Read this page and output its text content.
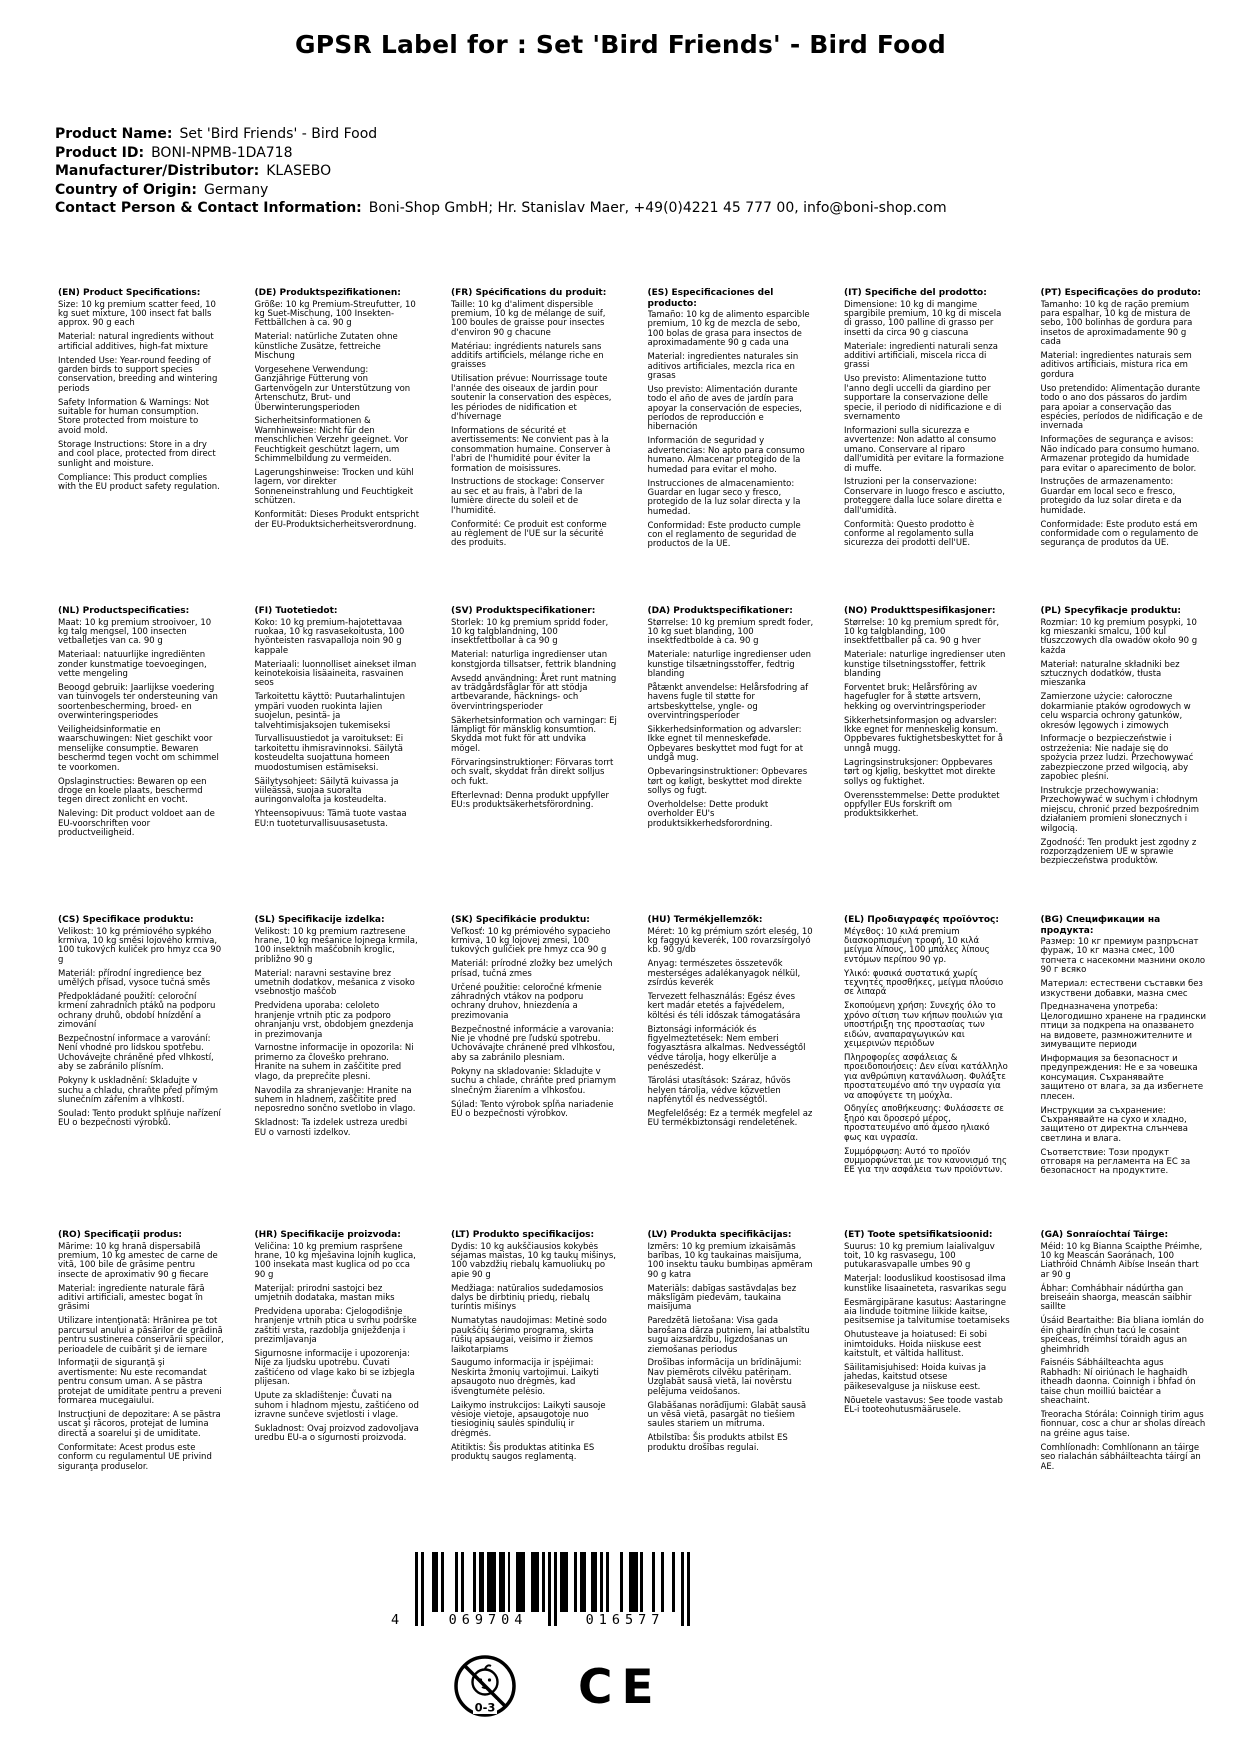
GPSR Label for : Set 'Bird Friends' - Bird Food
Product Name: Set 'Bird Friends' - Bird Food
Product ID: BONI-NPMB-1DA718
Manufacturer/Distributor: KLASEBO
Country of Origin: Germany
Contact Person & Contact Information: Boni-Shop GmbH; Hr. Stanislav Maer, +49(0)4221 45 777 00, info@boni-shop.com
(EN) Product Specifications:

Size: 10 kg premium scatter feed, 10 kg suet mixture, 100 insect fat balls approx. 90 g each

Material: natural ingredients without artificial additives, high-fat mixture

Intended Use: Year-round feeding of garden birds to support species conservation, breeding and wintering periods

Safety Information & Warnings: Not suitable for human consumption. Store protected from moisture to avoid mold.

Storage Instructions: Store in a dry and cool place, protected from direct sunlight and moisture.

Compliance: This product complies with the EU product safety regulation.

(DE) Produktspezifikationen:

Größe: 10 kg Premium-Streufutter, 10 kg Suet-Mischung, 100 Insekten-Fettbällchen à ca. 90 g

Material: natürliche Zutaten ohne künstliche Zusätze, fettreiche Mischung

Vorgesehene Verwendung: Ganzjährige Fütterung von Gartenvögeln zur Unterstützung von Artenschutz, Brut- und Überwinterungsperioden

Sicherheitsinformationen & Warnhinweise: Nicht für den menschlichen Verzehr geeignet. Vor Feuchtigkeit geschützt lagern, um Schimmelbildung zu vermeiden.

Lagerungshinweise: Trocken und kühl lagern, vor direkter Sonneneinstrahlung und Feuchtigkeit schützen.

Konformität: Dieses Produkt entspricht der EU-Produktsicherheitsverordnung.

(FR) Spécifications du produit:

Taille: 10 kg d'aliment dispersible premium, 10 kg de mélange de suif, 100 boules de graisse pour insectes d'environ 90 g chacune

Matériau: ingrédients naturels sans additifs artificiels, mélange riche en graisses

Utilisation prévue: Nourrissage toute l'année des oiseaux de jardin pour soutenir la conservation des espèces, les périodes de nidification et d'hivernage

Informations de sécurité et avertissements: Ne convient pas à la consommation humaine. Conserver à l'abri de l'humidité pour éviter la formation de moisissures.

Instructions de stockage: Conserver au sec et au frais, à l'abri de la lumière directe du soleil et de l'humidité.

Conformité: Ce produit est conforme au règlement de l'UE sur la sécurité des produits.

(ES) Especificaciones del producto:

Tamaño: 10 kg de alimento esparcible premium, 10 kg de mezcla de sebo, 100 bolas de grasa para insectos de aproximadamente 90 g cada una

Material: ingredientes naturales sin aditivos artificiales, mezcla rica en grasas

Uso previsto: Alimentación durante todo el año de aves de jardín para apoyar la conservación de especies, períodos de reproducción e hibernación

Información de seguridad y advertencias: No apto para consumo humano. Almacenar protegido de la humedad para evitar el moho.

Instrucciones de almacenamiento: Guardar en lugar seco y fresco, protegido de la luz solar directa y la humedad.

Conformidad: Este producto cumple con el reglamento de seguridad de productos de la UE.

(IT) Specifiche del prodotto:

Dimensione: 10 kg di mangime spargibile premium, 10 kg di miscela di grasso, 100 palline di grasso per insetti da circa 90 g ciascuna

Materiale: ingredienti naturali senza additivi artificiali, miscela ricca di grassi

Uso previsto: Alimentazione tutto l'anno degli uccelli da giardino per supportare la conservazione delle specie, il periodo di nidificazione e di svernamento

Informazioni sulla sicurezza e avvertenze: Non adatto al consumo umano. Conservare al riparo dall'umidità per evitare la formazione di muffe.

Istruzioni per la conservazione: Conservare in luogo fresco e asciutto, proteggere dalla luce solare diretta e dall'umidità.

Conformità: Questo prodotto è conforme al regolamento sulla sicurezza dei prodotti dell'UE.

(PT) Especificações do produto:

Tamanho: 10 kg de ração premium para espalhar, 10 kg de mistura de sebo, 100 bolinhas de gordura para insetos de aproximadamente 90 g cada

Material: ingredientes naturais sem aditivos artificiais, mistura rica em gordura

Uso pretendido: Alimentação durante todo o ano dos pássaros do jardim para apoiar a conservação das espécies, períodos de nidificação e de invernada

Informações de segurança e avisos: Não indicado para consumo humano. Armazenar protegido da humidade para evitar o aparecimento de bolor.

Instruções de armazenamento: Guardar em local seco e fresco, protegido da luz solar direta e da humidade.

Conformidade: Este produto está em conformidade com o regulamento de segurança de produtos da UE.

(NL) Productspecificaties:

Maat: 10 kg premium strooivoer, 10 kg talg mengsel, 100 insecten vetballetjes van ca. 90 g

Materiaal: natuurlijke ingrediënten zonder kunstmatige toevoegingen, vette mengeling

Beoogd gebruik: Jaarlijkse voedering van tuinvogels ter ondersteuning van soortenbescherming, broed- en overwinteringsperiodes

Veiligheidsinformatie en waarschuwingen: Niet geschikt voor menselijke consumptie. Bewaren beschermd tegen vocht om schimmel te voorkomen.

Opslaginstructies: Bewaren op een droge en koele plaats, beschermd tegen direct zonlicht en vocht.

Naleving: Dit product voldoet aan de EU-voorschriften voor productveiligheid.

(FI) Tuotetiedot:

Koko: 10 kg premium-hajotettavaa ruokaa, 10 kg rasvasekoitusta, 100 hyönteisten rasvapalloja noin 90 g kappale

Materiaali: luonnolliset ainekset ilman keinotekoisia lisäaineita, rasvainen seos

Tarkoitettu käyttö: Puutarhalintujen ympäri vuoden ruokinta lajien suojelun, pesintä- ja talvehtimisjaksojen tukemiseksi

Turvallisuustiedot ja varoitukset: Ei tarkoitettu ihmisravinnoksi. Säilytä kosteudelta suojattuna homeen muodostumisen estämiseksi.

Säilytysohjeet: Säilytä kuivassa ja viileässä, suojaa suoralta auringonvalolta ja kosteudelta.

Yhteensopivuus: Tämä tuote vastaa EU:n tuoteturvallisuusasetusta.

(SV) Produktspecifikationer:

Storlek: 10 kg premium spridd foder, 10 kg talgblandning, 100 insektfettbollar à ca 90 g

Material: naturliga ingredienser utan konstgjorda tillsatser, fettrik blandning

Avsedd användning: Året runt matning av trädgårdsfåglar för att stödja artbevarande, häcknings- och övervintringsperioder

Säkerhetsinformation och varningar: Ej lämpligt för mänsklig konsumtion. Skydda mot fukt för att undvika mögel.

Förvaringsinstruktioner: Förvaras torrt och svalt, skyddat från direkt solljus och fukt.

Efterlevnad: Denna produkt uppfyller EU:s produktsäkerhetsförordning.

(DA) Produktspecifikationer:

Størrelse: 10 kg premium spredt foder, 10 kg suet blanding, 100 insektfedtbolde à ca. 90 g

Materiale: naturlige ingredienser uden kunstige tilsætningsstoffer, fedtrig blanding

Påtænkt anvendelse: Helårsfodring af havens fugle til støtte for artsbeskyttelse, yngle- og overvintringsperioder

Sikkerhedsinformation og advarsler: Ikke egnet til menneskeføde. Opbevares beskyttet mod fugt for at undgå mug.

Opbevaringsinstruktioner: Opbevares tørt og køligt, beskyttet mod direkte sollys og fugt.

Overholdelse: Dette produkt overholder EU's produktsikkerhedsforordning.

(NO) Produkttspesifikasjoner:

Størrelse: 10 kg premium spredt fôr, 10 kg talgblanding, 100 insektfettballer på ca. 90 g hver

Materiale: naturlige ingredienser uten kunstige tilsetningsstoffer, fettrik blanding

Forventet bruk: Helårsfôring av hagefugler for å støtte artsvern, hekking og overvintringsperioder

Sikkerhetsinformasjon og advarsler: Ikke egnet for menneskelig konsum. Oppbevares fuktighetsbeskyttet for å unngå mugg.

Lagringsinstruksjoner: Oppbevares tørt og kjølig, beskyttet mot direkte sollys og fuktighet.

Overensstemmelse: Dette produktet oppfyller EUs forskrift om produktsikkerhet.

(PL) Specyfikacje produktu:

Rozmiar: 10 kg premium posypki, 10 kg mieszanki smalcu, 100 kul tłuszczowych dla owadów około 90 g każda

Materiał: naturalne składniki bez sztucznych dodatków, tłusta mieszanka

Zamierzone użycie: całoroczne dokarmianie ptaków ogrodowych w celu wsparcia ochrony gatunków, okresów lęgowych i zimowych

Informacje o bezpieczeństwie i ostrzeżenia: Nie nadaje się do spożycia przez ludzi. Przechowywać zabezpieczone przed wilgocią, aby zapobiec pleśni.

Instrukcje przechowywania: Przechowywać w suchym i chłodnym miejscu, chronić przed bezpośrednim działaniem promieni słonecznych i wilgocią.

Zgodność: Ten produkt jest zgodny z rozporządzeniem UE w sprawie bezpieczeństwa produktów.

(CS) Specifikace produktu:

Velikost: 10 kg prémiového sypkého krmiva, 10 kg směsi lojového krmiva, 100 tukových kuliček pro hmyz cca 90 g

Materiál: přírodní ingredience bez umělých přísad, vysoce tučná směs

Předpokládané použití: celoroční krmení zahradních ptáků na podporu ochrany druhů, období hnízdění a zimování

Bezpečnostní informace a varování: Není vhodné pro lidskou spotřebu. Uchovávejte chráněné před vlhkostí, aby se zabránilo plísním.

Pokyny k uskladnění: Skladujte v suchu a chladu, chraňte před přímým slunečním zářením a vlhkostí.

Soulad: Tento produkt splňuje nařízení EU o bezpečnosti výrobků.

(SL) Specifikacije izdelka:

Velikost: 10 kg premium raztresene hrane, 10 kg mešanice lojnega krmila, 100 insektnih maščobnih kroglic, približno 90 g

Material: naravni sestavine brez umetnih dodatkov, mešanica z visoko vsebnostjo maščob

Predvidena uporaba: celoleto hranjenje vrtnih ptic za podporo ohranjanju vrst, obdobjem gnezdenja in prezimovanja

Varnostne informacije in opozorila: Ni primerno za človeško prehrano. Hranite na suhem in zaščitite pred vlago, da preprečite plesni.

Navodila za shranjevanje: Hranite na suhem in hladnem, zaščitite pred neposredno sončno svetlobo in vlago.

Skladnost: Ta izdelek ustreza uredbi EU o varnosti izdelkov.

(SK) Špecifikácie produktu:

Veľkosť: 10 kg prémiového sypacieho krmiva, 10 kg lojovej zmesi, 100 tukových guličiek pre hmyz cca 90 g

Materiál: prírodné zložky bez umelých prísad, tučná zmes

Určené použitie: celoročné kŕmenie záhradných vtákov na podporu ochrany druhov, hniezdenia a prezimovania

Bezpečnostné informácie a varovania: Nie je vhodné pre ľudskú spotrebu. Uchovávajte chránené pred vlhkosťou, aby sa zabránilo plesniam.

Pokyny na skladovanie: Skladujte v suchu a chlade, chráňte pred priamym slnečným žiarením a vlhkosťou.

Súlad: Tento výrobok spĺňa nariadenie EÚ o bezpečnosti výrobkov.

(HU) Termékjellemzők:

Méret: 10 kg prémium szórt eleség, 10 kg faggyú keverék, 100 rovarzsírgolyó kb. 90 g/db

Anyag: természetes összetevők mesterséges adalékanyagok nélkül, zsírdús keverék

Tervezett felhasználás: Egész éves kert madár etetés a fajvédelem, költési és téli időszak támogatására

Biztonsági információk és figyelmeztetések: Nem emberi fogyasztásra alkalmas. Nedvességtől védve tárolja, hogy elkerülje a penészedést.

Tárolási utasítások: Száraz, hűvös helyen tárolja, védve közvetlen napfénytől és nedvességtől.

Megfelelőség: Ez a termék megfelel az EU termékbiztonsági rendeletének.

(EL) Προδιαγραφές προϊόντος:

Μέγεθος: 10 κιλά premium διασκορπισμένη τροφή, 10 κιλά μείγμα λίπους, 100 μπάλες λίπους εντόμων περίπου 90 γρ.

Υλικό: φυσικά συστατικά χωρίς τεχνητές προσθήκες, μείγμα πλούσιο σε λιπαρά

Σκοπούμενη χρήση: Συνεχής όλο το χρόνο σίτιση των κήπων πουλιών για υποστήριξη της προστασίας των ειδών, αναπαραγωγικών και χειμερινών περιόδων

Πληροφορίες ασφάλειας & προειδοποιήσεις: Δεν είναι κατάλληλο για ανθρώπινη κατανάλωση. Φυλάξτε προστατευμένο από την υγρασία για να αποφύγετε τη μούχλα.

Οδηγίες αποθήκευσης: Φυλάσσετε σε ξηρό και δροσερό μέρος, προστατευμένο από άμεσο ηλιακό φως και υγρασία.

Συμμόρφωση: Αυτό το προϊόν συμμορφώνεται με τον κανονισμό της ΕΕ για την ασφάλεια των προϊόντων.

(BG) Спецификации на продукта:

Размер: 10 кг премиум разпръснат фураж, 10 кг мазна смес, 100 топчета с насекомни мазнини около 90 г всяко

Материал: естествени съставки без изкуствени добавки, мазна смес

Предназначена употреба: Целогодишно хранене на градински птици за подкрепа на опазването на видовете, размножителните и зимуващите периоди

Информация за безопасност и предупреждения: Не е за човешка консумация. Съхранявайте защитено от влага, за да избегнете плесен.

Инструкции за съхранение: Съхранявайте на сухо и хладно, защитено от директна слънчева светлина и влага.

Съответствие: Този продукт отговаря на регламента на ЕС за безопасност на продуктите.

(RO) Specificaţii produs:

Mărime: 10 kg hrană dispersabilă premium, 10 kg amestec de carne de vită, 100 bile de grăsime pentru insecte de aproximativ 90 g fiecare

Material: ingrediente naturale fără aditivi artificiali, amestec bogat în grăsimi

Utilizare intenţionată: Hrănirea pe tot parcursul anului a păsărilor de grădină pentru sustinerea conservării speciilor, perioadele de cuibărit şi de iernare

Informaţii de siguranţă şi avertismente: Nu este recomandat pentru consum uman. A se păstra protejat de umiditate pentru a preveni formarea mucegaiului.

Instrucţiuni de depozitare: A se păstra uscat şi răcoros, protejat de lumina directă a soarelui şi de umiditate.

Conformitate: Acest produs este conform cu regulamentul UE privind siguranţa produselor.

(HR) Specifikacije proizvoda:

Veličina: 10 kg premium raspršene hrane, 10 kg mješavina lojnih kuglica, 100 insekata mast kuglica od po cca 90 g

Materijal: prirodni sastojci bez umjetnih dodataka, mastan miks

Predvidena uporaba: Cjelogodišnje hranjenje vrtnih ptica u svrhu podrške zaštiti vrsta, razdoblja gniježđenja i prezimljavanja

Sigurnosne informacije i upozorenja: Nije za ljudsku upotrebu. Čuvati zaštićeno od vlage kako bi se izbjegla plijesan.

Upute za skladištenje: Čuvati na suhom i hladnom mjestu, zaštićeno od izravne sunčeve svjetlosti i vlage.

Sukladnost: Ovaj proizvod zadovoljava uredbu EU-a o sigurnosti proizvoda.

(LT) Produkto specifikacijos:

Dydis: 10 kg aukščiausios kokybės sėjamas maistas, 10 kg taukų mišinys, 100 vabzdžių riebalų kamuoliukų po apie 90 g

Medžiaga: natūralios sudedamosios dalys be dirbtinių priedų, riebalų turintis mišinys

Numatytas naudojimas: Metinė sodo paukščių šėrimo programa, skirta rūšių apsaugai, veisimo ir žiemos laikotarpiams

Saugumo informacija ir įspėjimai: Neskirta žmonių vartojimui. Laikyti apsaugoto nuo drėgmės, kad išvengtumėte pelėsio.

Laikymo instrukcijos: Laikyti sausoje vėsioje vietoje, apsaugotoje nuo tiesioginių saulės spindulių ir drėgmės.

Atitiktis: Šis produktas atitinka ES produktų saugos reglamentą.

(LV) Produkta specifikācijas:

Izmērs: 10 kg premium izkaisāmās barības, 10 kg taukainas maisījuma, 100 insektu tauku bumbiņas apmēram 90 g katra

Materiāls: dabīgas sastāvdaļas bez mākslīgām piedevām, taukaina maisījuma

Paredzētā lietošana: Visa gada barošana dārza putniem, lai atbalstītu sugu aizsardzību, ligzdošanas un ziemošanas periodus

Drošības informācija un brīdinājumi: Nav piemērots cilvēku patēriņam. Uzglabāt sausā vietā, lai novērstu pelējuma veidošanos.

Glabāšanas norādījumi: Glabāt sausā un vēsā vietā, pasargāt no tiešiem saules stariem un mitruma.

Atbilstība: Šis produkts atbilst ES produktu drošības regulai.

(ET) Toote spetsifikatsioonid:

Suurus: 10 kg premium laialivalguv toit, 10 kg rasvasegu, 100 putukarasvapalle umbes 90 g

Materjal: looduslikud koostisosad ilma kunstlike lisaaineteta, rasvarikas segu

Eesmärgipärane kasutus: Aastaringne aia lindude toitmine liikide kaitse, pesitsemise ja talvitumise toetamiseks

Ohutusteave ja hoiatused: Ei sobi inimtoiduks. Hoida niiskuse eest kaitstult, et vältida hallitust.

Säilitamisjuhised: Hoida kuivas ja jahedas, kaitstud otsese päikesevalguse ja niiskuse eest.

Nõuetele vastavus: See toode vastab EL-i tooteohutusmäärusele.

(GA) Sonraíochtaí Táirge:

Méid: 10 kg Bianna Scaipthe Préimhe, 10 kg Meascán Saoránach, 100 Liathróid Chnámh Aibíse Inseán thart ar 90 g

Ábhar: Comhábhair nádúrtha gan breiseáin shaorga, meascán saibhir saillte

Úsáid Beartaithe: Bia bliana iomlán do éin ghairdín chun tacú le cosaint speiceas, tréimhsí tóraidh agus an gheimhridh

Faisnéis Sábháilteachta agus Rabhadh: Ní oiriúnach le haghaidh itheadh daonna. Coinnigh i bhfad ón taise chun moilliú baictéar a sheachaint.

Treoracha Stórála: Coinnigh tirim agus fionnuar, cosc a chur ar sholas díreach na gréine agus taise.

Comhlíonadh: Comhlíonann an táirge seo rialachán sábháilteachta táirgí an AE.

4	069704	016577
0-3 CE
